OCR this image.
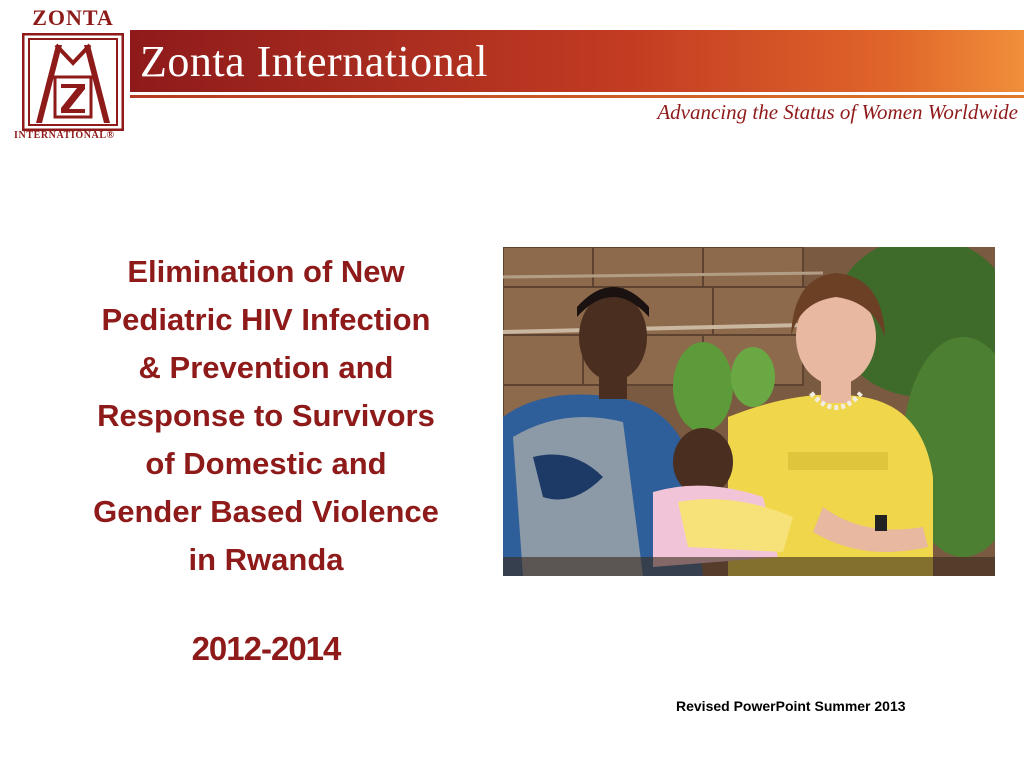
ZONTA
INTERNATIONAL®
Zonta International
Advancing the Status of Women Worldwide
Elimination of New
Pediatric HIV Infection
& Prevention and
Response to Survivors
of Domestic and
Gender Based Violence
in Rwanda
2012-2014
Revised PowerPoint Summer 2013
